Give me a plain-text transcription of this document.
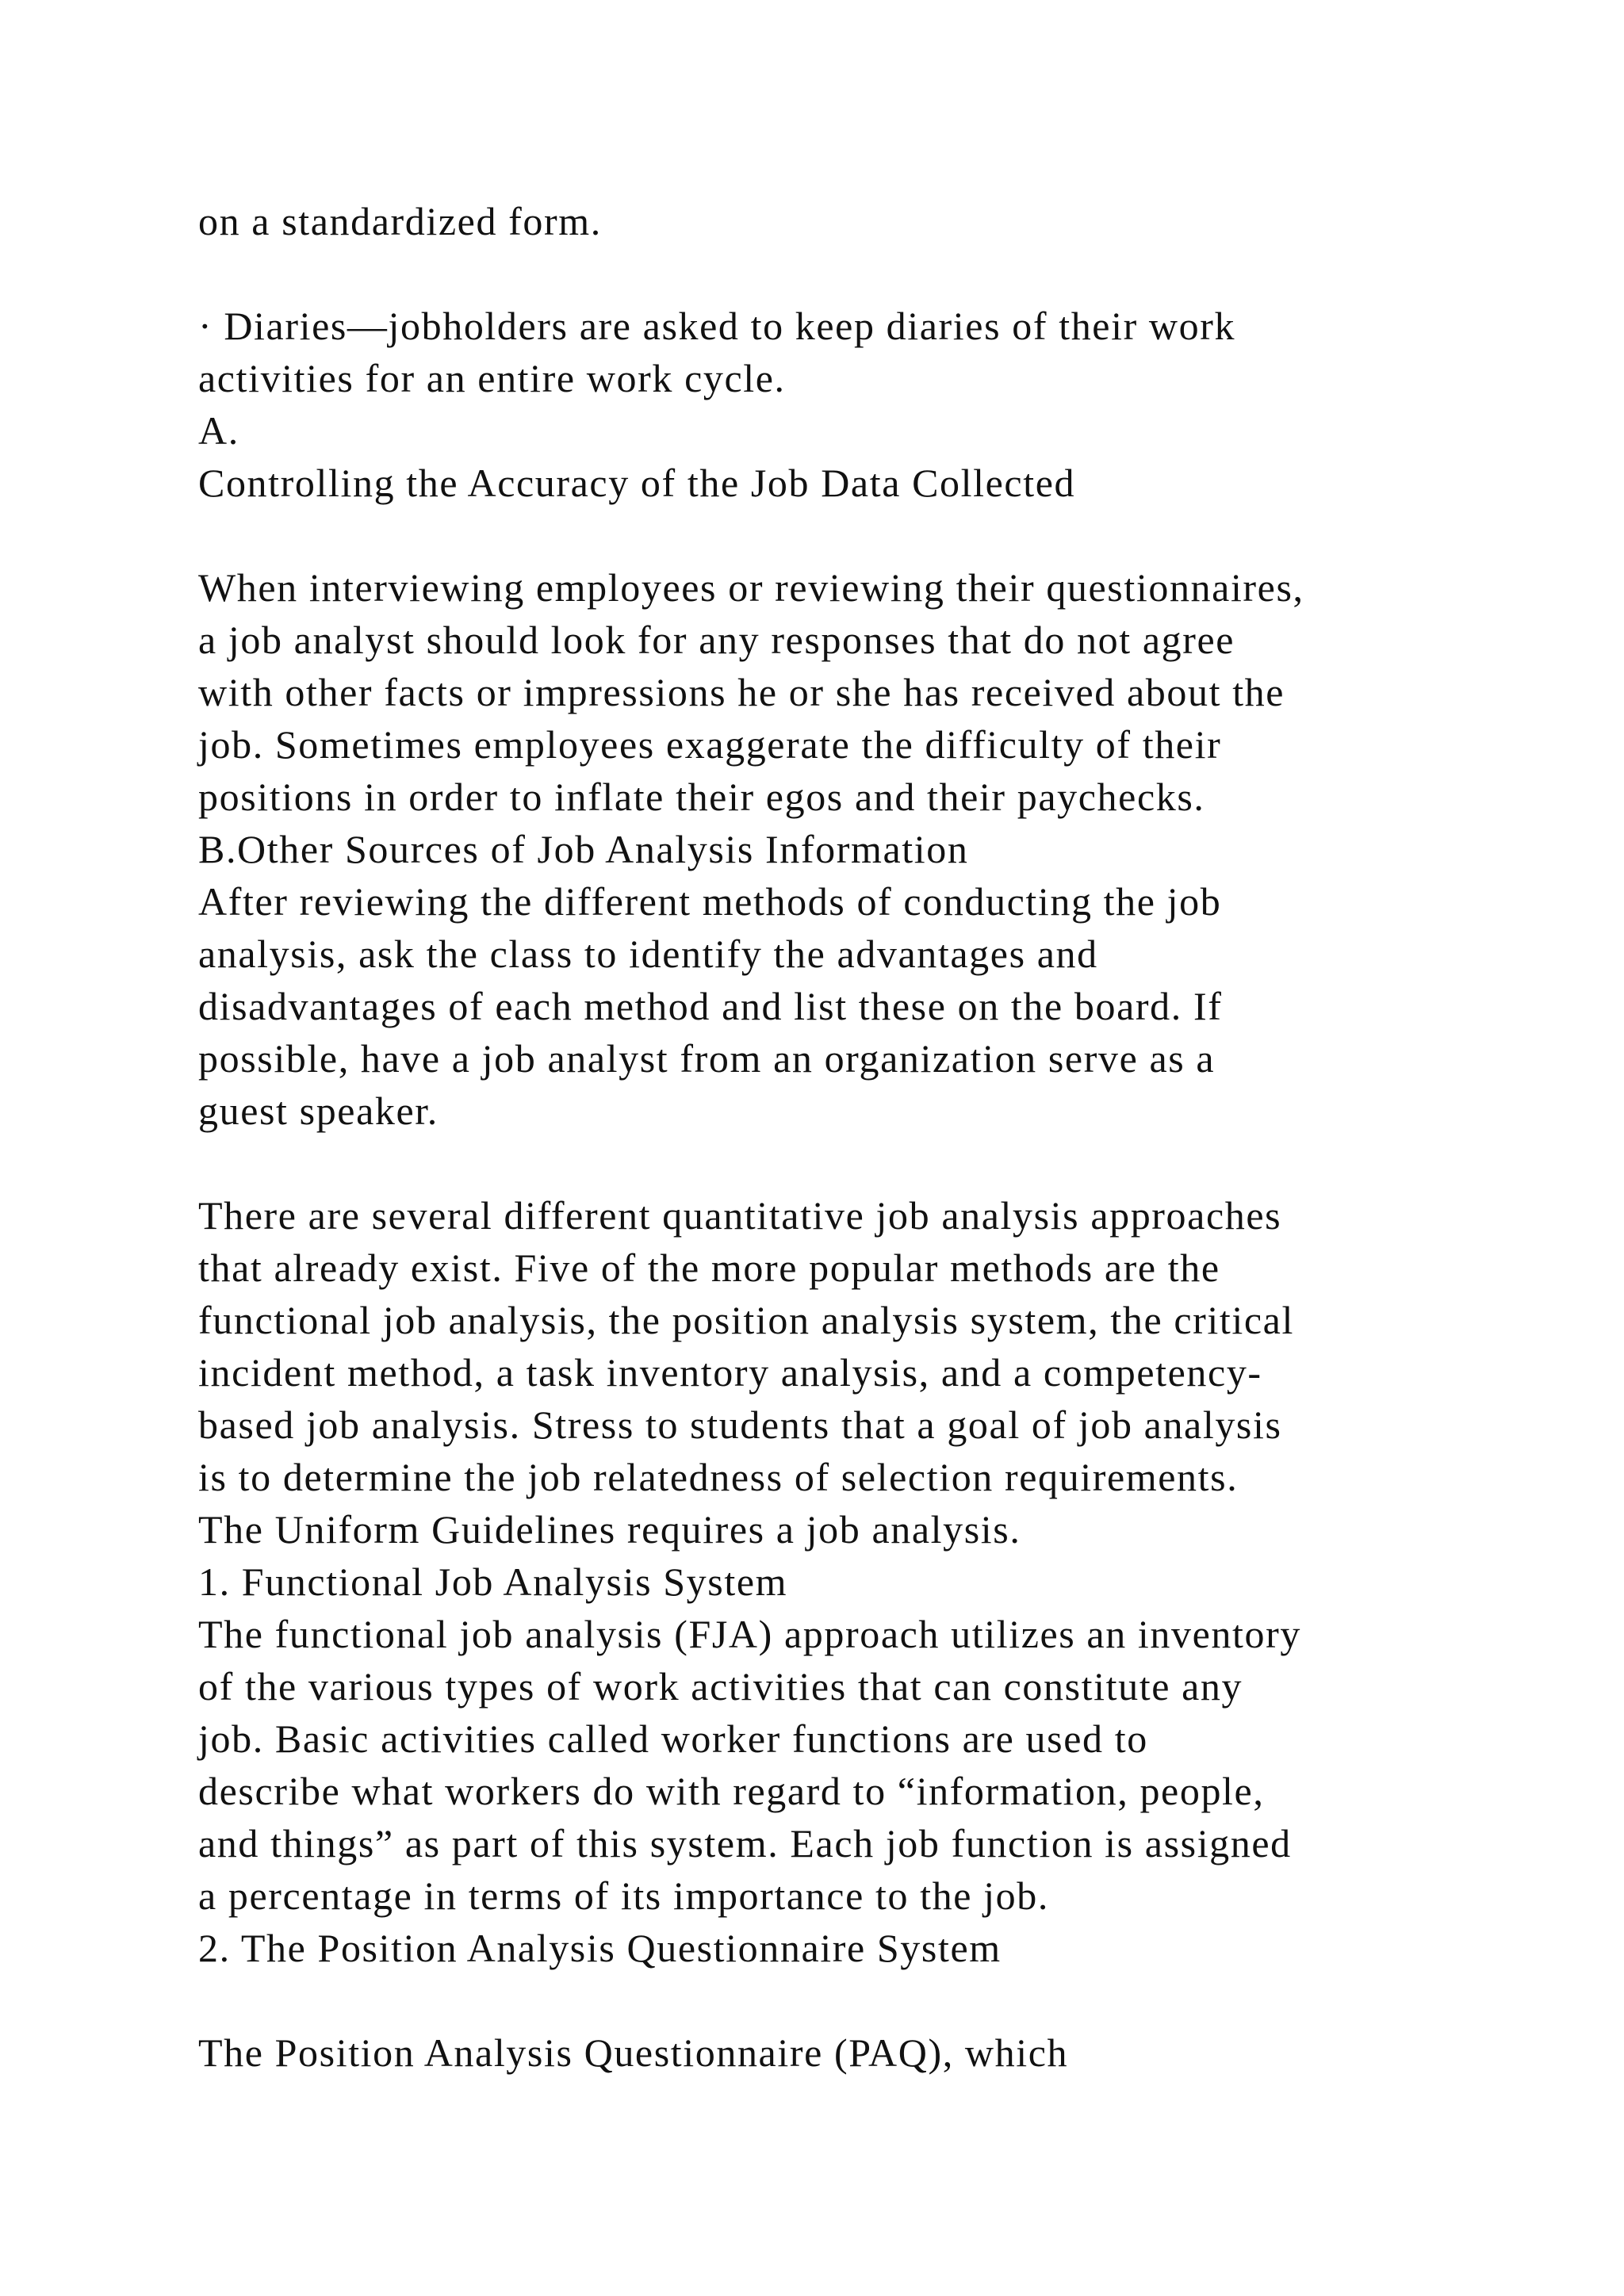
on a standardized form.
· Diaries—jobholders are asked to keep diaries of their work
activities for an entire work cycle.
A.
Controlling the Accuracy of the Job Data Collected
When interviewing employees or reviewing their questionnaires,
a job analyst should look for any responses that do not agree
with other facts or impressions he or she has received about the
job. Sometimes employees exaggerate the difficulty of their
positions in order to inflate their egos and their paychecks.
B.Other Sources of Job Analysis Information
After reviewing the different methods of conducting the job
analysis, ask the class to identify the advantages and
disadvantages of each method and list these on the board. If
possible, have a job analyst from an organization serve as a
guest speaker.
There are several different quantitative job analysis approaches
that already exist. Five of the more popular methods are the
functional job analysis, the position analysis system, the critical
incident method, a task inventory analysis, and a competency-
based job analysis. Stress to students that a goal of job analysis
is to determine the job relatedness of selection requirements.
The Uniform Guidelines requires a job analysis.
1. Functional Job Analysis System
The functional job analysis (FJA) approach utilizes an inventory
of the various types of work activities that can constitute any
job. Basic activities called worker functions are used to
describe what workers do with regard to “information, people,
and things” as part of this system. Each job function is assigned
a percentage in terms of its importance to the job.
2. The Position Analysis Questionnaire System
The Position Analysis Questionnaire (PAQ), which
